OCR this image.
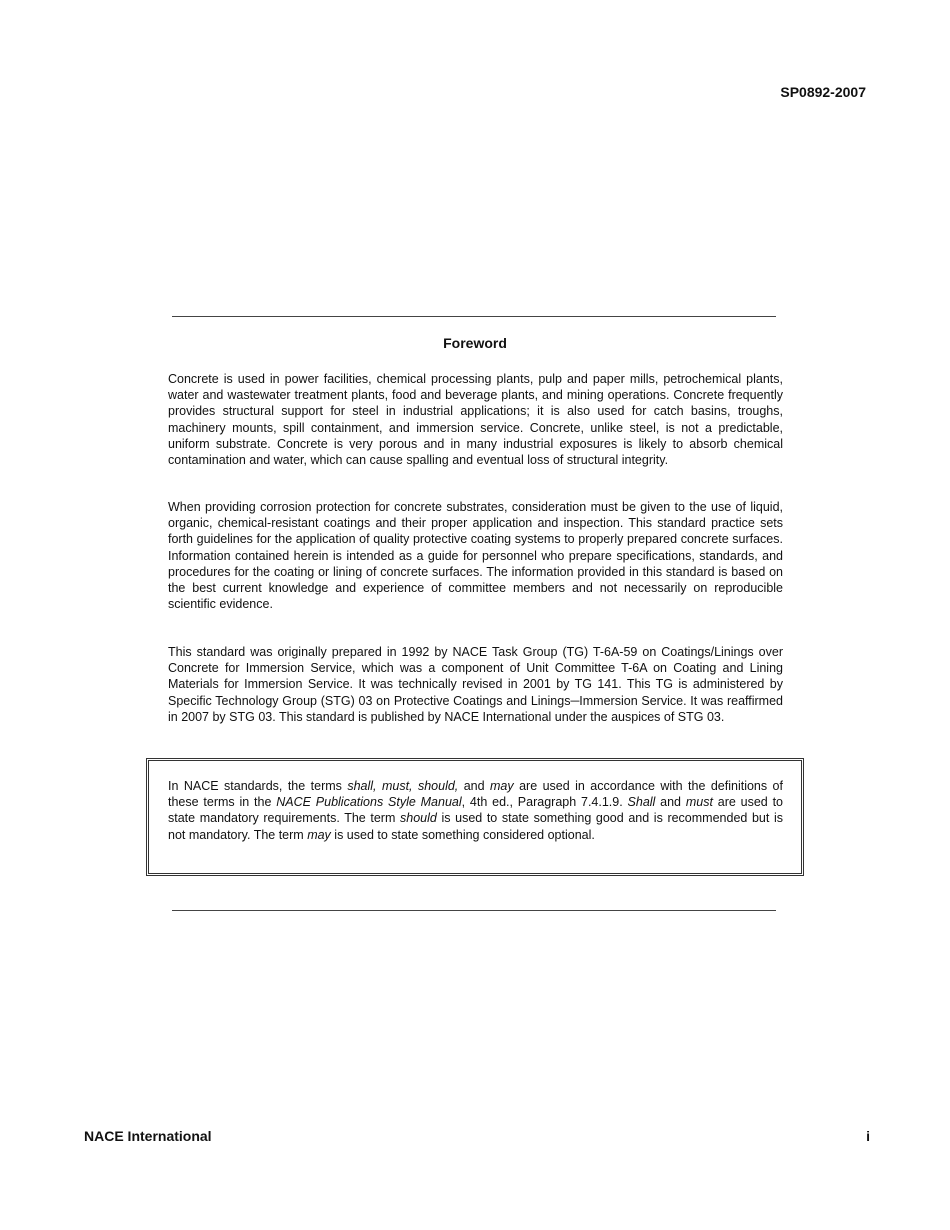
SP0892-2007
Foreword

Concrete is used in power facilities, chemical processing plants, pulp and paper mills, petrochemical plants, water and wastewater treatment plants, food and beverage plants, and mining operations. Concrete frequently provides structural support for steel in industrial applications; it is also used for catch basins, troughs, machinery mounts, spill containment, and immersion service. Concrete, unlike steel, is not a predictable, uniform substrate. Concrete is very porous and in many industrial exposures is likely to absorb chemical contamination and water, which can cause spalling and eventual loss of structural integrity.

When providing corrosion protection for concrete substrates, consideration must be given to the use of liquid, organic, chemical-resistant coatings and their proper application and inspection. This standard practice sets forth guidelines for the application of quality protective coating systems to properly prepared concrete surfaces. Information contained herein is intended as a guide for personnel who prepare specifications, standards, and procedures for the coating or lining of concrete surfaces. The information provided in this standard is based on the best current knowledge and experience of committee members and not necessarily on reproducible scientific evidence.

This standard was originally prepared in 1992 by NACE Task Group (TG) T-6A-59 on Coatings/Linings over Concrete for Immersion Service, which was a component of Unit Committee T-6A on Coating and Lining Materials for Immersion Service. It was technically revised in 2001 by TG 141. This TG is administered by Specific Technology Group (STG) 03 on Protective Coatings and Linings─Immersion Service. It was reaffirmed in 2007 by STG 03. This standard is published by NACE International under the auspices of STG 03.

In NACE standards, the terms shall, must, should, and may are used in accordance with the definitions of these terms in the NACE Publications Style Manual, 4th ed., Paragraph 7.4.1.9. Shall and must are used to state mandatory requirements. The term should is used to state something good and is recommended but is not mandatory. The term may is used to state something considered optional.

NACE International	i
